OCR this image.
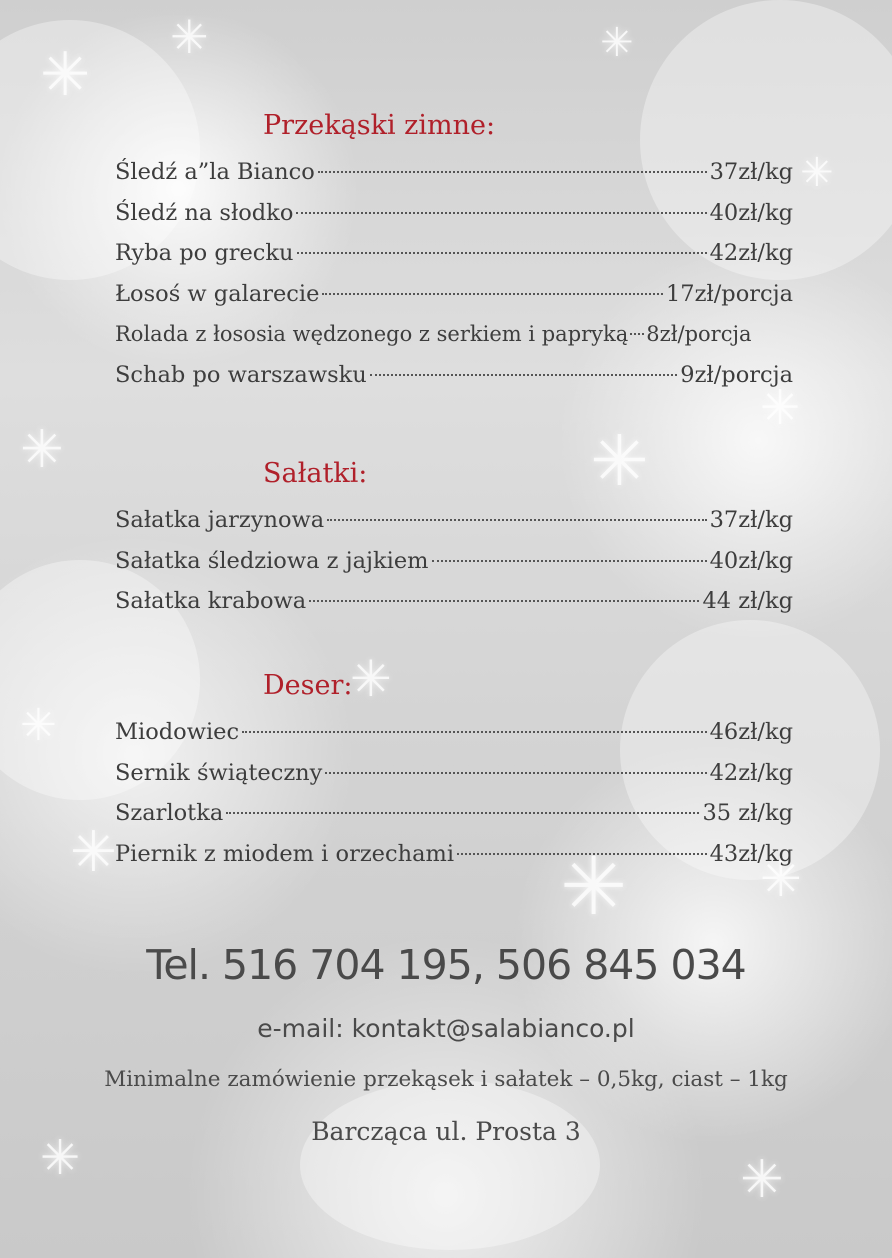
✳
✳	✳
✳
✳
✳
✳
✳
✳
✳
✳	✳
✳	✳
Przekąski zimne:
Śledź a”la Bianco	37zł/kg
Śledź na słodko	40zł/kg
Ryba po grecku	42zł/kg
Łosoś w galarecie	17zł/porcja
Rolada z łososia wędzonego z serkiem i papryką 8zł/porcja
Schab po warszawsku	9zł/porcja
Sałatki:
Sałatka jarzynowa	37zł/kg
Sałatka śledziowa z jajkiem	40zł/kg
Sałatka krabowa	44 zł/kg
Deser:
Miodowiec	46zł/kg
Sernik świąteczny	42zł/kg
Szarlotka	35 zł/kg
Piernik z miodem i orzechami	43zł/kg
Tel. 516 704 195, 506 845 034
e-mail: kontakt@salabianco.pl
Minimalne zamówienie przekąsek i sałatek – 0,5kg, ciast – 1kg
Barcząca ul. Prosta 3
